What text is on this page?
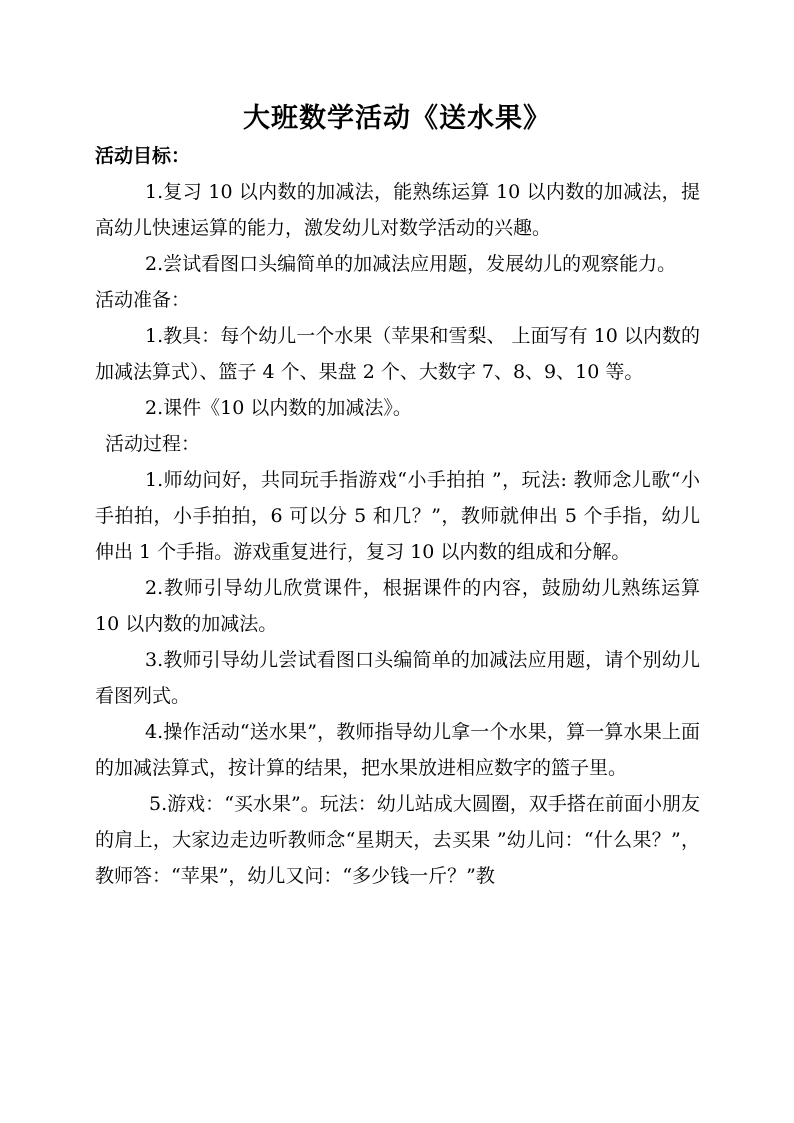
大班数学活动《送水果》

活动目标：

1.复习 10 以内数的加减法，能熟练运算 10 以内数的加减法，提高幼儿快速运算的能力，激发幼儿对数学活动的兴趣。

2.尝试看图口头编简单的加减法应用题，发展幼儿的观察能力。

活动准备：

1.教具：每个幼儿一个水果（苹果和雪梨、 上面写有 10 以内数的加减法算式）、篮子 4 个、果盘 2 个、大数字 7、8、9、10 等。

2.课件《10 以内数的加减法》。

活动过程：

1.师幼问好，共同玩手指游戏“小手拍拍 ”，玩法: 教师念儿歌“小手拍拍，小手拍拍，6 可以分 5 和几？”，教师就伸出 5 个手指，幼儿伸出 1 个手指。游戏重复进行，复习 10 以内数的组成和分解。

2.教师引导幼儿欣赏课件，根据课件的内容，鼓励幼儿熟练运算 10 以内数的加减法。

3.教师引导幼儿尝试看图口头编简单的加减法应用题，请个别幼儿看图列式。

4.操作活动“送水果”，教师指导幼儿拿一个水果，算一算水果上面的加减法算式，按计算的结果，把水果放进相应数字的篮子里。

5.游戏：“买水果”。玩法：幼儿站成大圆圈，双手搭在前面小朋友的肩上，大家边走边听教师念“星期天，去买果 ”幼儿问：“什么果？”，教师答：“苹果”，幼儿又问：“多少钱一斤？”教
